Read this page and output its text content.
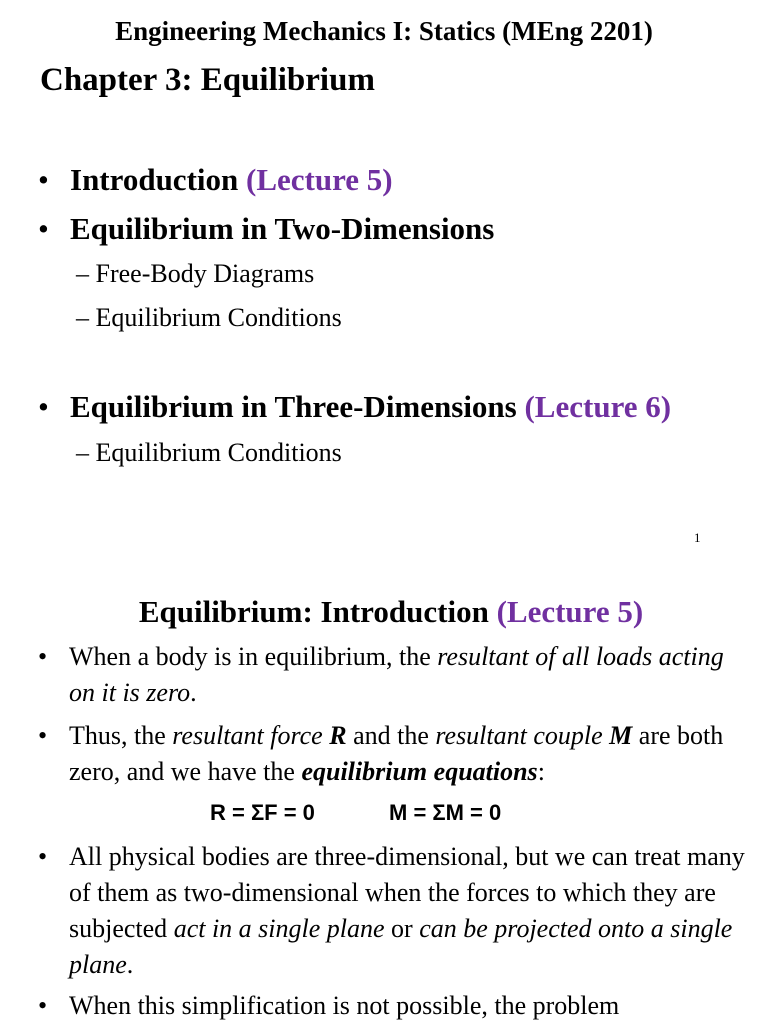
Engineering Mechanics I: Statics (MEng 2201)
Chapter 3: Equilibrium
• Introduction (Lecture 5)
• Equilibrium in Two-Dimensions
– Free-Body Diagrams
– Equilibrium Conditions
• Equilibrium in Three-Dimensions (Lecture 6)
– Equilibrium Conditions
1
Equilibrium: Introduction (Lecture 5)
• When a body is in equilibrium, the resultant of all loads acting on it is zero.
• Thus, the resultant force R and the resultant couple M are both zero, and we have the equilibrium equations:
R = ΣF = 0	M = ΣM = 0
• All physical bodies are three-dimensional, but we can treat many of them as two-dimensional when the forces to which they are subjected act in a single plane or can be projected onto a single plane.
• When this simplification is not possible, the problem
